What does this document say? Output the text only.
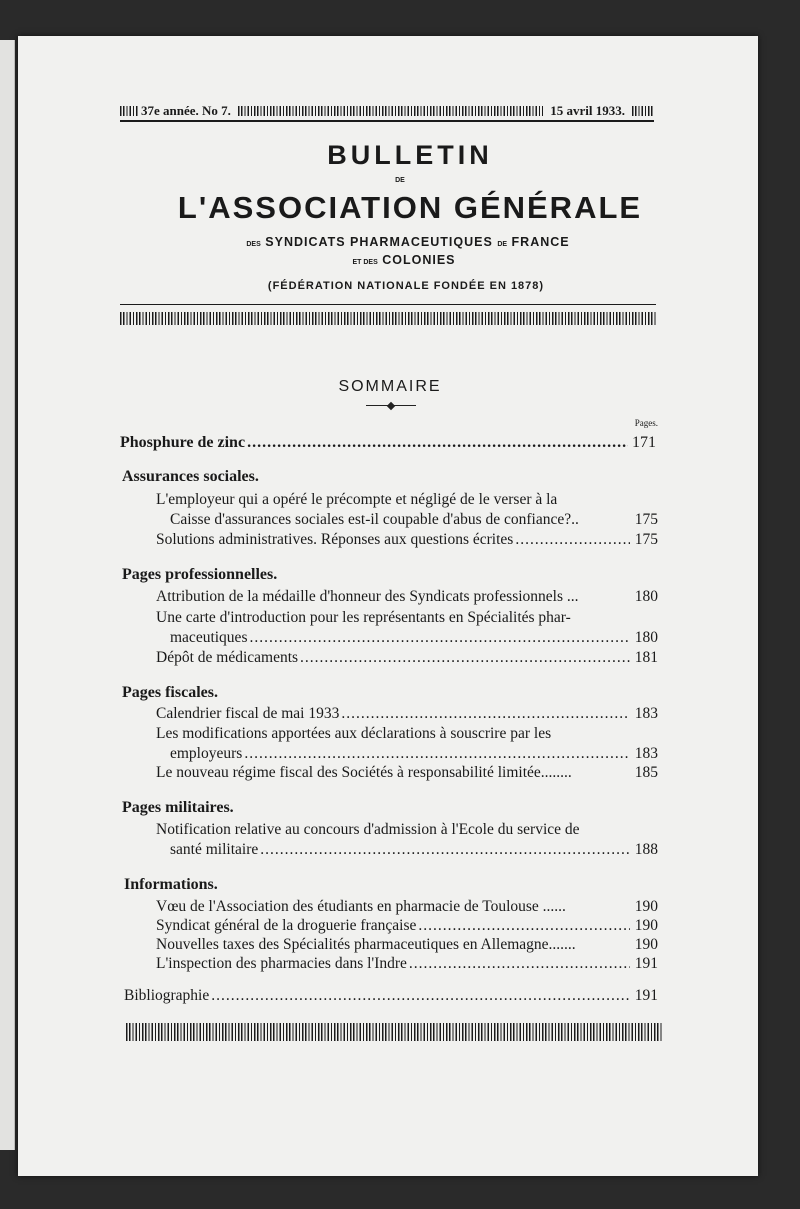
37e année. No 7.	15 avril 1933.
BULLETIN
DE
L'ASSOCIATION GÉNÉRALE
DES SYNDICATS PHARMACEUTIQUES DE FRANCE
ET DES COLONIES
(FÉDÉRATION NATIONALE FONDÉE EN 1878)
SOMMAIRE
Pages.
Phosphure de zinc .....	171
Assurances sociales.
L'employeur qui a opéré le précompte et négligé de le verser à la
Caisse d'assurances sociales est-il coupable d'abus de confiance?..	175
Solutions administratives. Réponses aux questions écrites .....	175
Pages professionnelles.
Attribution de la médaille d'honneur des Syndicats professionnels ...	180
Une carte d'introduction pour les représentants en Spécialités phar-
maceutiques .....	180
Dépôt de médicaments .....	181
Pages fiscales.
Calendrier fiscal de mai 1933 .....	183
Les modifications apportées aux déclarations à souscrire par les
employeurs .....	183
Le nouveau régime fiscal des Sociétés à responsabilité limitée........	185
Pages militaires.
Notification relative au concours d'admission à l'Ecole du service de
santé militaire .....	188
Informations.
Vœu de l'Association des étudiants en pharmacie de Toulouse ......	190
Syndicat général de la droguerie française .....	190
Nouvelles taxes des Spécialités pharmaceutiques en Allemagne.......	190
L'inspection des pharmacies dans l'Indre .....	191
Bibliographie .....	191
